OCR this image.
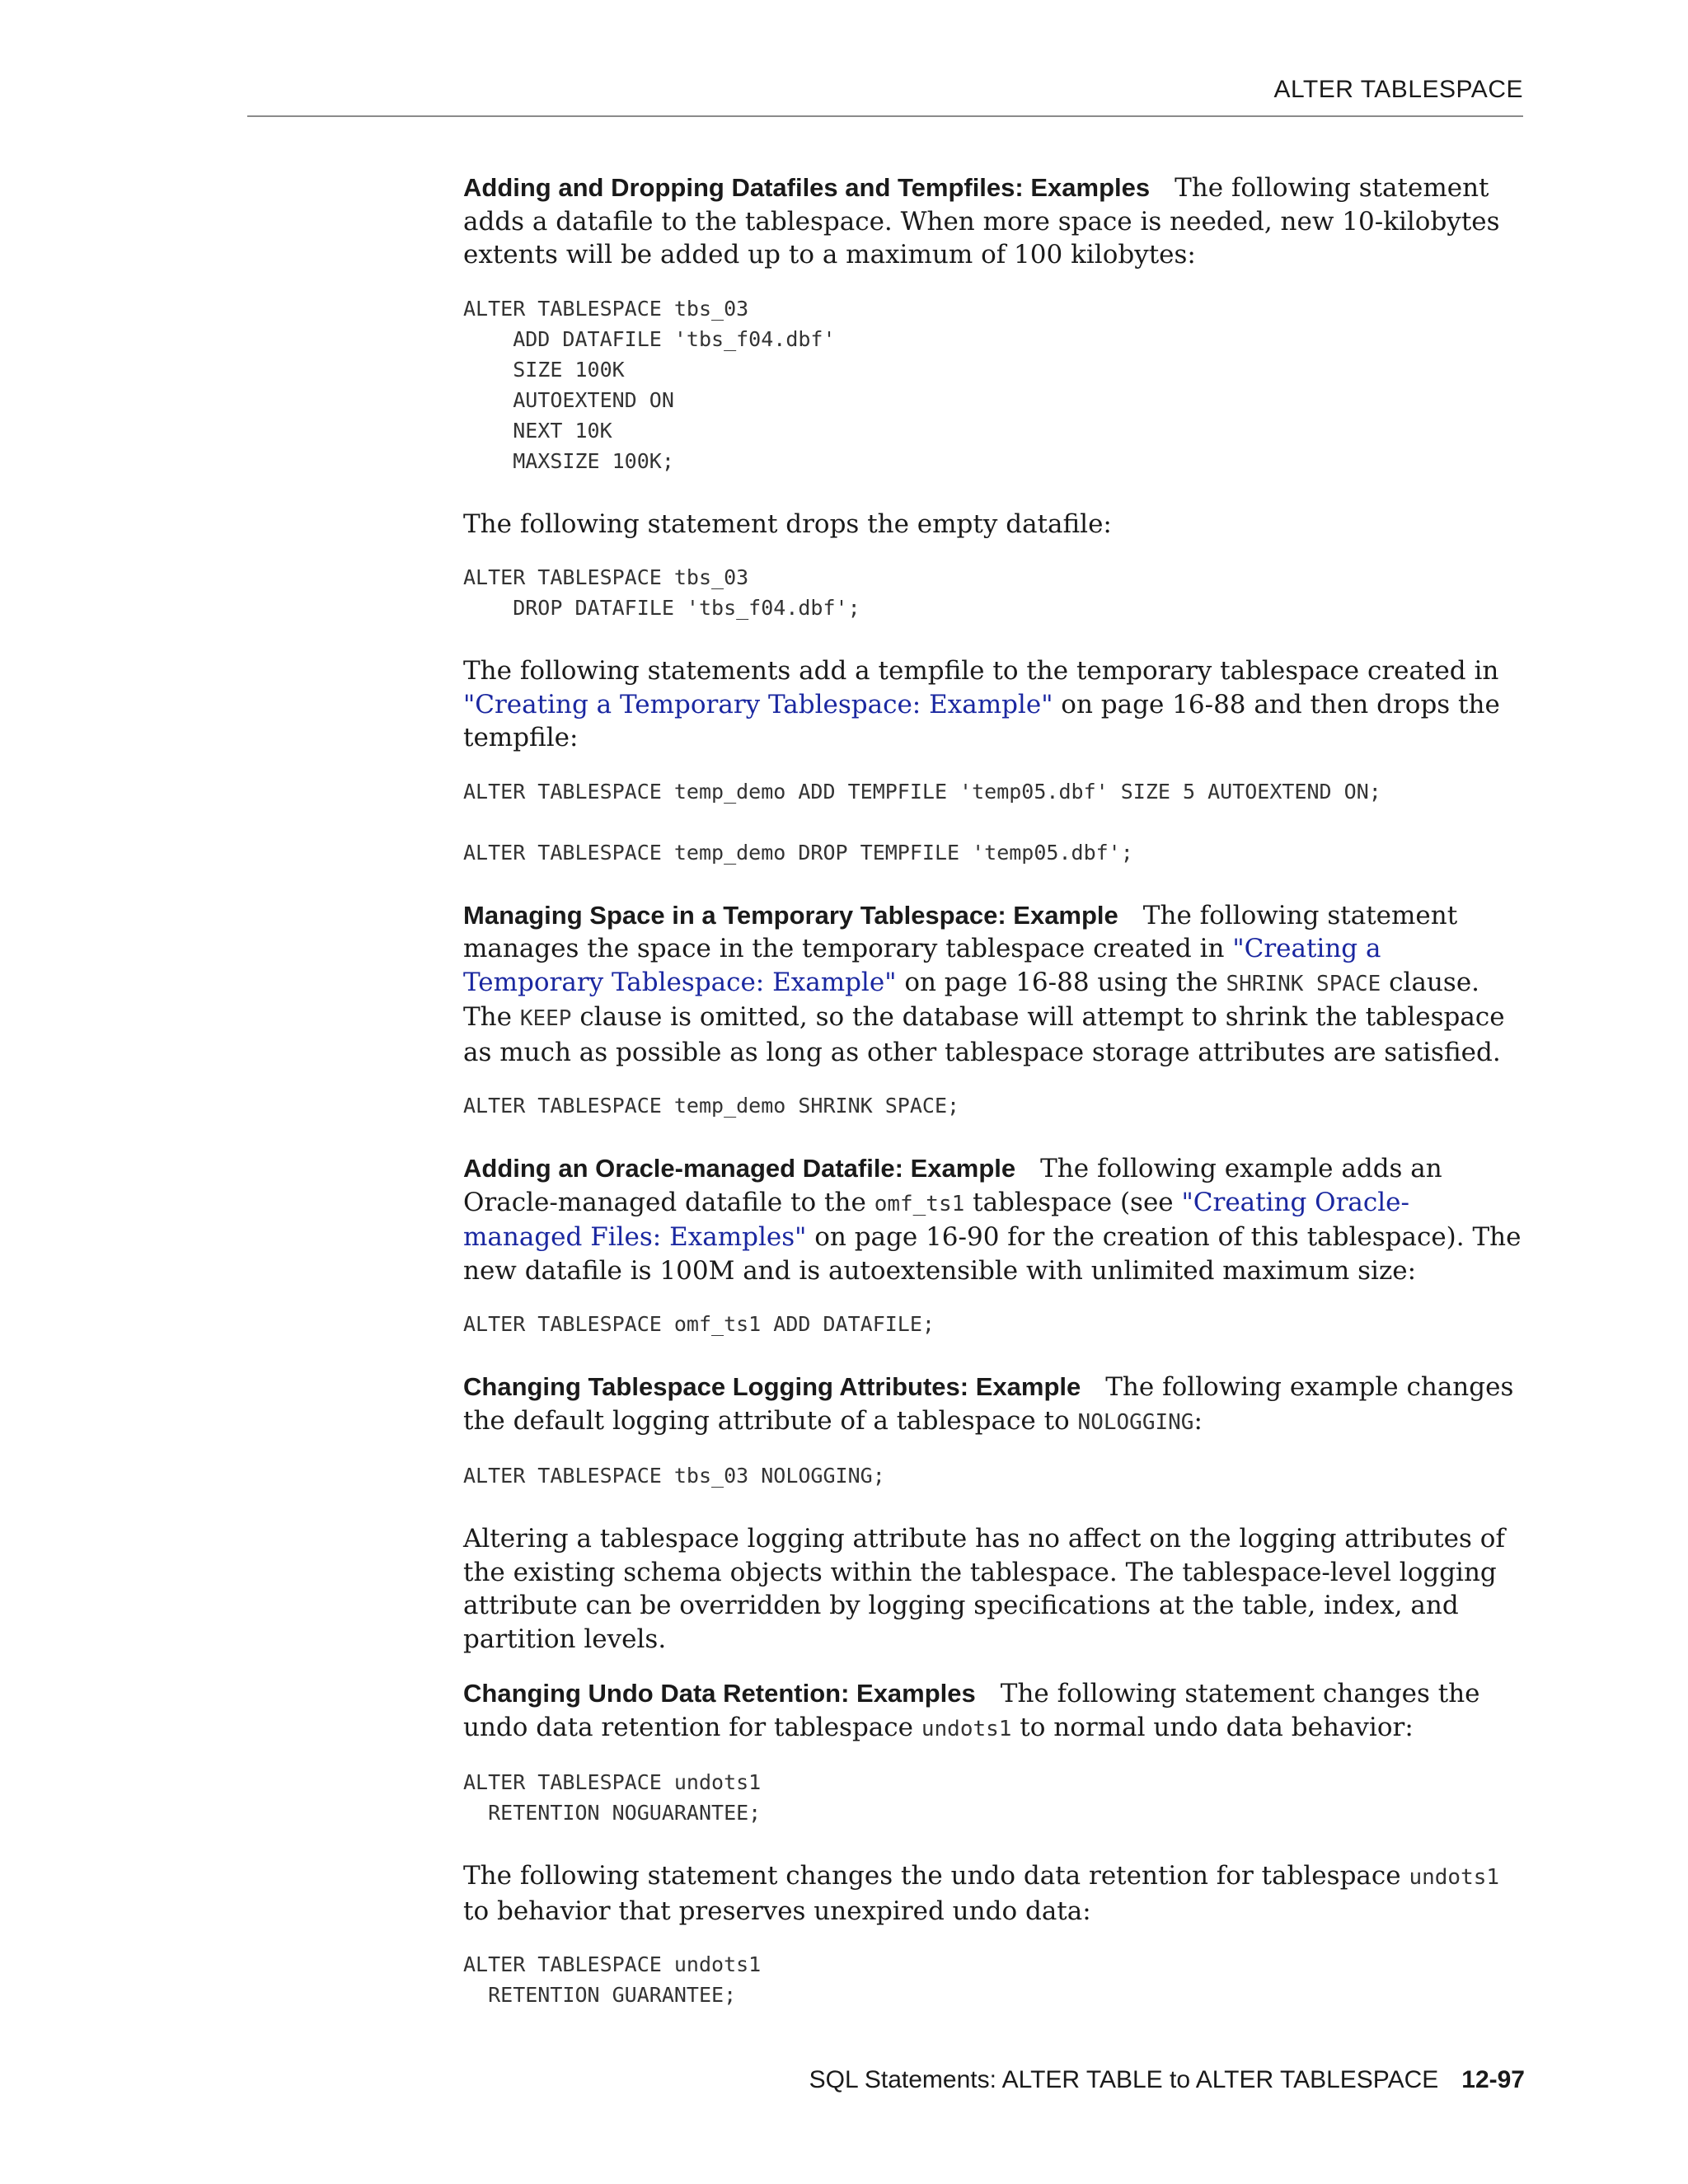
ALTER TABLESPACE

Adding and Dropping Datafiles and Tempfiles: Examples The following statement adds a datafile to the tablespace. When more space is needed, new 10-kilobytes extents will be added up to a maximum of 100 kilobytes:

ALTER TABLESPACE tbs_03
ADD DATAFILE 'tbs_f04.dbf'
SIZE 100K
AUTOEXTEND ON
NEXT 10K
MAXSIZE 100K;

The following statement drops the empty datafile:

ALTER TABLESPACE tbs_03
DROP DATAFILE 'tbs_f04.dbf';

The following statements add a tempfile to the temporary tablespace created in "Creating a Temporary Tablespace: Example" on page 16-88 and then drops the tempfile:

ALTER TABLESPACE temp_demo ADD TEMPFILE 'temp05.dbf' SIZE 5 AUTOEXTEND ON;

ALTER TABLESPACE temp_demo DROP TEMPFILE 'temp05.dbf';

Managing Space in a Temporary Tablespace: Example The following statement manages the space in the temporary tablespace created in "Creating a Temporary Tablespace: Example" on page 16-88 using the SHRINK SPACE clause. The KEEP clause is omitted, so the database will attempt to shrink the tablespace as much as possible as long as other tablespace storage attributes are satisfied.

ALTER TABLESPACE temp_demo SHRINK SPACE;

Adding an Oracle-managed Datafile: Example The following example adds an Oracle-managed datafile to the omf_ts1 tablespace (see "Creating Oracle-managed Files: Examples" on page 16-90 for the creation of this tablespace). The new datafile is 100M and is autoextensible with unlimited maximum size:

ALTER TABLESPACE omf_ts1 ADD DATAFILE;

Changing Tablespace Logging Attributes: Example The following example changes the default logging attribute of a tablespace to NOLOGGING:

ALTER TABLESPACE tbs_03 NOLOGGING;

Altering a tablespace logging attribute has no affect on the logging attributes of the existing schema objects within the tablespace. The tablespace-level logging attribute can be overridden by logging specifications at the table, index, and partition levels.

Changing Undo Data Retention: Examples The following statement changes the undo data retention for tablespace undots1 to normal undo data behavior:

ALTER TABLESPACE undots1
RETENTION NOGUARANTEE;

The following statement changes the undo data retention for tablespace undots1 to behavior that preserves unexpired undo data:

ALTER TABLESPACE undots1
RETENTION GUARANTEE;
SQL Statements: ALTER TABLE to ALTER TABLESPACE 12-97
